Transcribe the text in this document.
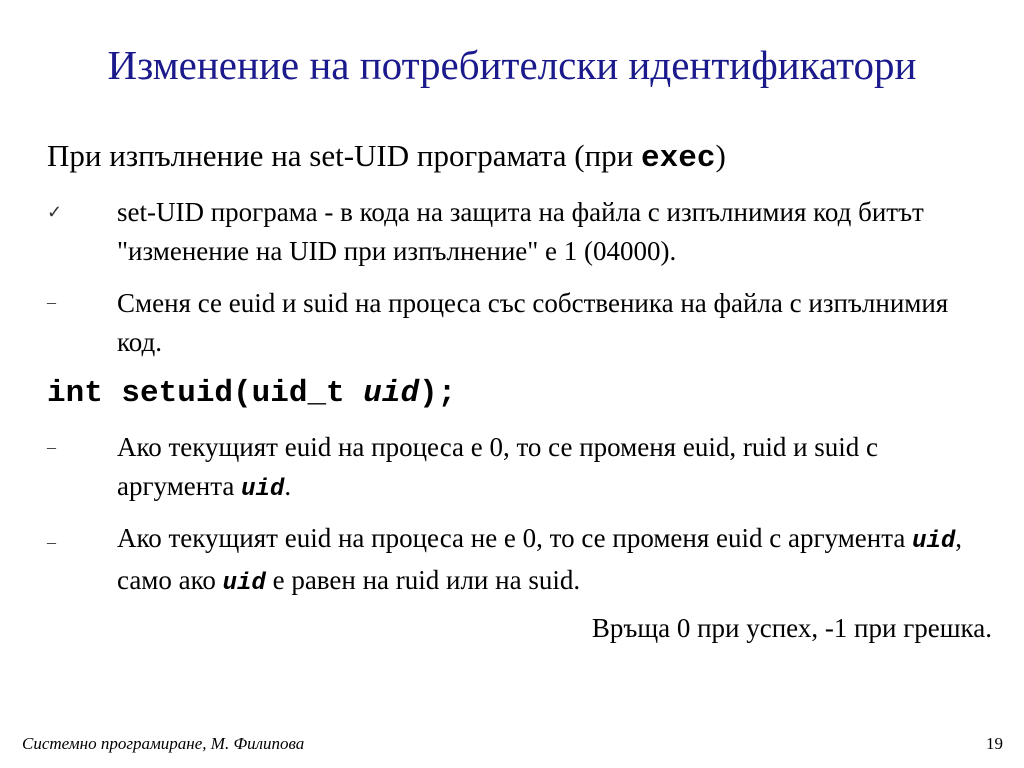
Изменение на потребителски идентификатори
При изпълнение на set-UID програмата (при exec)
✓ set-UID програма - в кода на защита на файла с изпълнимия код битът "изменение на UID при изпълнение" е 1 (04000).
– Сменя се euid и suid на процеса със собственика на файла с изпълнимия код.
int setuid(uid_t uid);
– Ако текущият euid на процеса е 0, то се променя euid, ruid и suid с аргумента uid.
– Ако текущият euid на процеса не е 0, то се променя euid с аргумента uid, само ако uid е равен на ruid или на suid.
Връща 0 при успех, -1 при грешка.
Системно програмиране, М. Филипова	19
